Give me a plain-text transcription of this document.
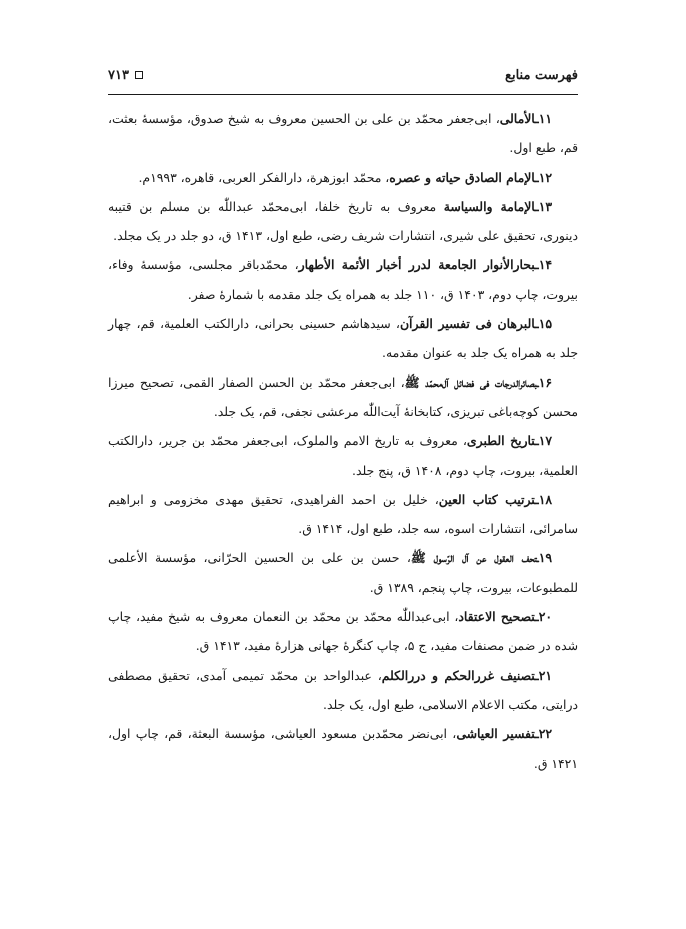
فهرست منابع
۷۱۳

۱۱ـالأمالی، ابی‌جعفر محمّد بن علی بن الحسین معروف به شیخ صدوق، مؤسسهٔ بعثت، قم، طبع اول.

۱۲ـالإمام الصادق حیاته و عصره، محمّد ابوزهرة، دارالفکر العربی، قاهره، ۱۹۹۳م.

۱۳ـالإمامة والسیاسة معروف به تاریخ خلفا، ابی‌محمّد عبداللّٰه بن مسلم بن قتیبه دینوری، تحقیق علی شیری، انتشارات شریف رضی، طبع اول، ۱۴۱۳ ق، دو جلد در یک مجلد.

۱۴ـبحارالأنوار الجامعة لدرر أخبار الأئمة الأطهار، محمّدباقر مجلسی، مؤسسهٔ وفاء، بیروت، چاپ دوم، ۱۴۰۳ ق، ۱۱۰ جلد به همراه یک جلد مقدمه با شمارهٔ صفر.

۱۵ـالبرهان فی تفسیر القرآن، سیدهاشم حسینی بحرانی، دارالکتب العلمیة، قم، چهار جلد به همراه یک جلد به عنوان مقدمه.

۱۶ـبصائرالدرجات فی فضائل آل‌محمّد ﷺ، ابی‌جعفر محمّد بن الحسن الصفار القمی، تصحیح میرزا محسن کوچه‌باغی تبریزی، کتابخانهٔ آیت‌اللّٰه مرعشی نجفی، قم، یک جلد.

۱۷ـتاریخ الطبری، معروف به تاریخ الامم والملوک، ابی‌جعفر محمّد بن جریر، دارالکتب العلمیة، بیروت، چاپ دوم، ۱۴۰۸ ق، پنج جلد.

۱۸ـترتیب کتاب العین، خلیل بن احمد الفراهیدی، تحقیق مهدی مخزومی و ابراهیم سامرائی، انتشارات اسوه، سه جلد، طبع اول، ۱۴۱۴ ق.

۱۹ـتحف العقول عن آل الرّسول ﷺ، حسن بن علی بن الحسین الحرّانی، مؤسسة الأعلمی للمطبوعات، بیروت، چاپ پنجم، ۱۳۸۹ ق.

۲۰ـتصحیح الاعتقاد، ابی‌عبداللّٰه محمّد بن محمّد بن النعمان معروف به شیخ مفید، چاپ شده در ضمن مصنفات مفید، ج ۵، چاپ کنگرهٔ جهانی هزارهٔ مفید، ۱۴۱۳ ق.

۲۱ـتصنیف غررالحکم و دررالکلم، عبدالواحد بن محمّد تمیمی آمدی، تحقیق مصطفی درایتی، مکتب الاعلام الاسلامی، طبع اول، یک جلد.

۲۲ـتفسیر العیاشی، ابی‌نضر محمّدبن مسعود العیاشی، مؤسسة البعثة، قم، چاپ اول، ۱۴۲۱ ق.
